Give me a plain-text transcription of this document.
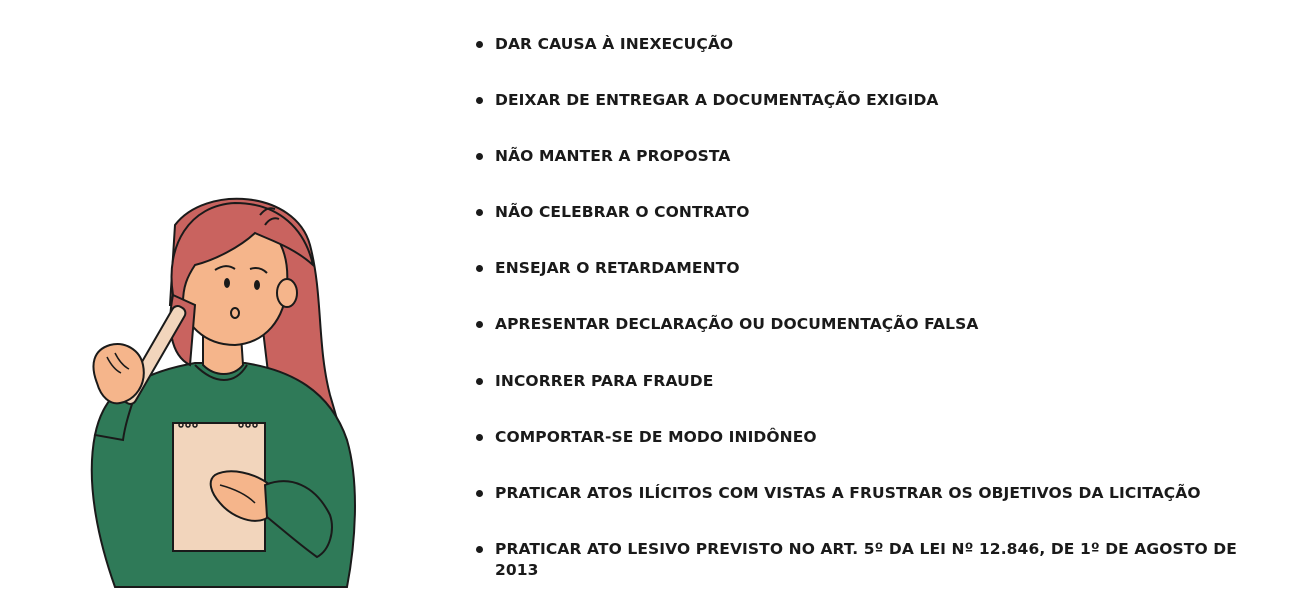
DAR CAUSA À INEXECUÇÃO
DEIXAR DE ENTREGAR A DOCUMENTAÇÃO EXIGIDA
NÃO MANTER A PROPOSTA
NÃO CELEBRAR O CONTRATO
ENSEJAR O RETARDAMENTO
APRESENTAR DECLARAÇÃO OU DOCUMENTAÇÃO FALSA
INCORRER PARA FRAUDE
COMPORTAR-SE DE MODO INIDÔNEO
PRATICAR ATOS ILÍCITOS COM VISTAS A FRUSTRAR OS OBJETIVOS DA LICITAÇÃO
PRATICAR ATO LESIVO PREVISTO NO ART. 5º DA LEI Nº 12.846, DE 1º DE AGOSTO DE 2013
